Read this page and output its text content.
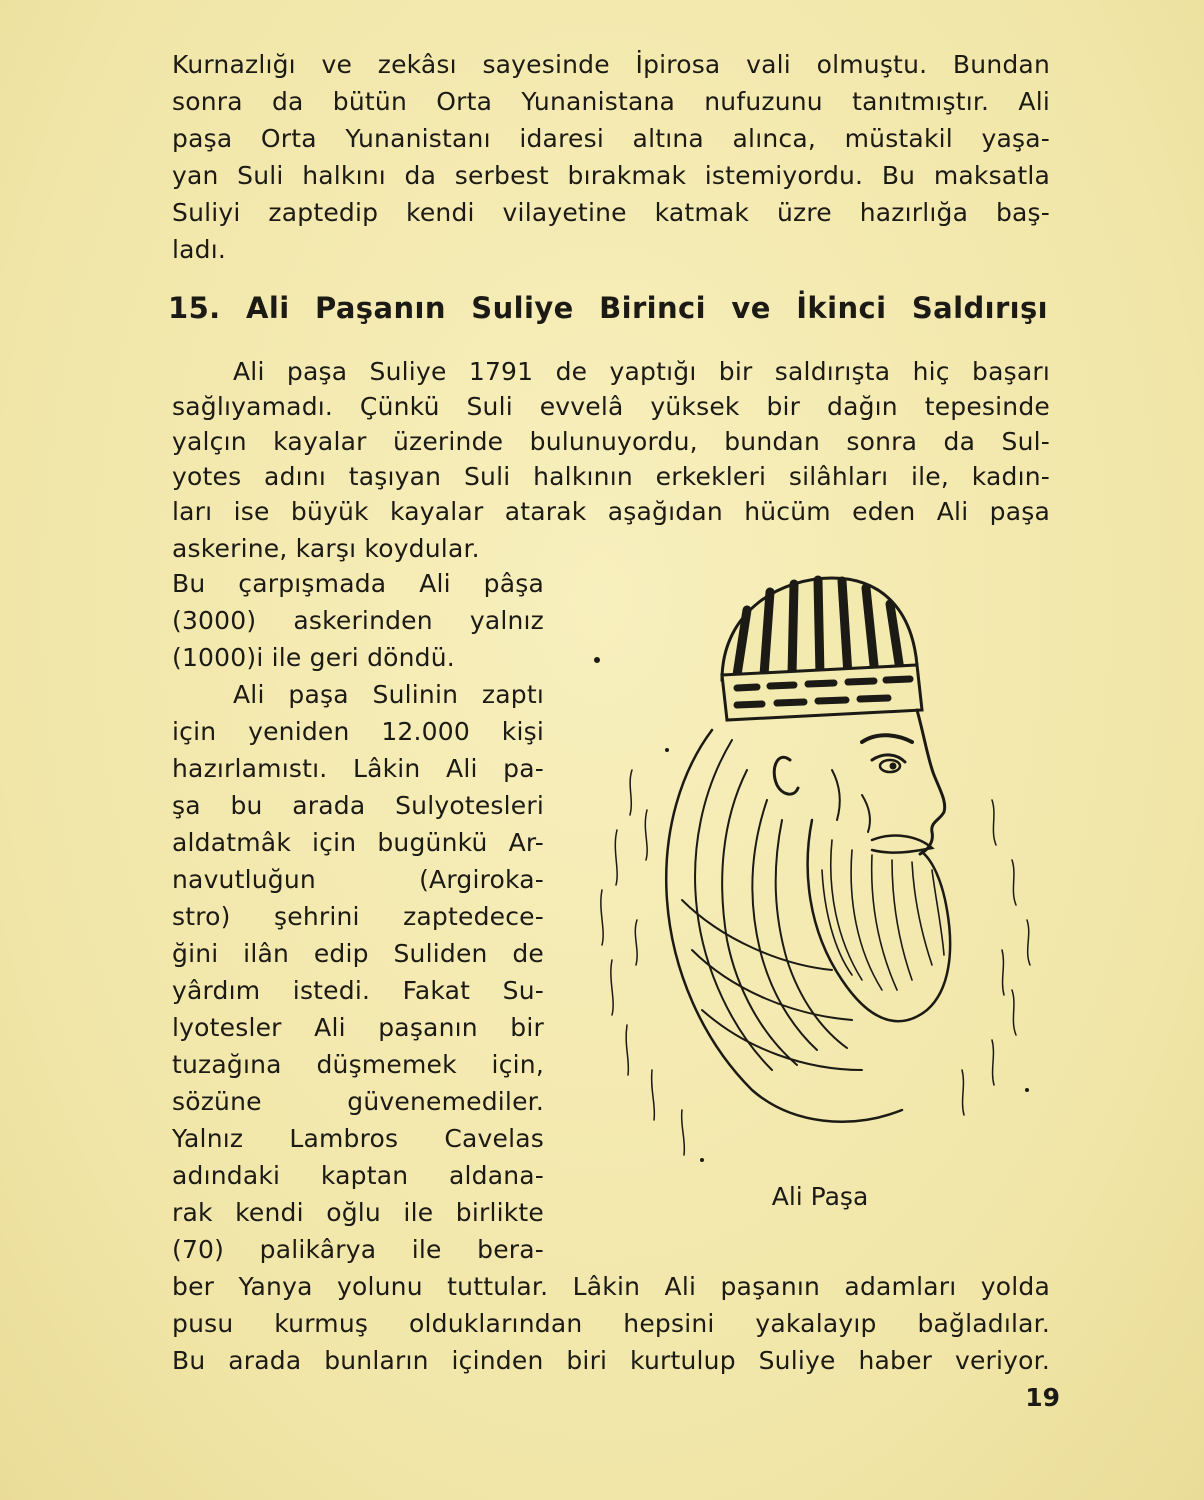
Kurnazlığı ve zekâsı sayesinde İpirosa vali olmuştu. Bundan
sonra da bütün Orta Yunanistana nufuzunu tanıtmıştır. Ali
paşa Orta Yunanistanı idaresi altına alınca, müstakil yaşa-
yan Suli halkını da serbest bırakmak istemiyordu. Bu maksatla
Suliyi zaptedip kendi vilayetine katmak üzre hazırlığa baş-
ladı.
15. Ali Paşanın Suliye Birinci ve İkinci Saldırışı
Ali paşa Suliye 1791 de yaptığı bir saldırışta hiç başarı
sağlıyamadı. Çünkü Suli evvelâ yüksek bir dağın tepesinde
yalçın kayalar üzerinde bulunuyordu, bundan sonra da Sul-
yotes adını taşıyan Suli halkının erkekleri silâhları ile, kadın-
ları ise büyük kayalar atarak aşağıdan hücüm eden Ali paşa
askerine, karşı koydular.
Bu çarpışmada Ali pâşa
(3000) askerinden yalnız
(1000)i ile geri döndü.
Ali paşa Sulinin zaptı
için yeniden 12.000 kişi
hazırlamıstı. Lâkin Ali pa-
şa bu arada Sulyotesleri
aldatmâk için bugünkü Ar-
navutluğun (Argiroka-
stro) şehrini zaptedece-
ğini ilân edip Suliden de
yârdım istedi. Fakat Su-
lyotesler Ali paşanın bir
tuzağına düşmemek için,
sözüne güvenemediler.
Yalnız Lambros Cavelas
adındaki kaptan aldana-
rak kendi oğlu ile birlikte
(70) palikârya ile bera-
ber Yanya yolunu tuttular. Lâkin Ali paşanın adamları yolda
pusu kurmuş olduklarından hepsini yakalayıp bağladılar.
Bu arada bunların içinden biri kurtulup Suliye haber veriyor.
Ali Paşa
19
